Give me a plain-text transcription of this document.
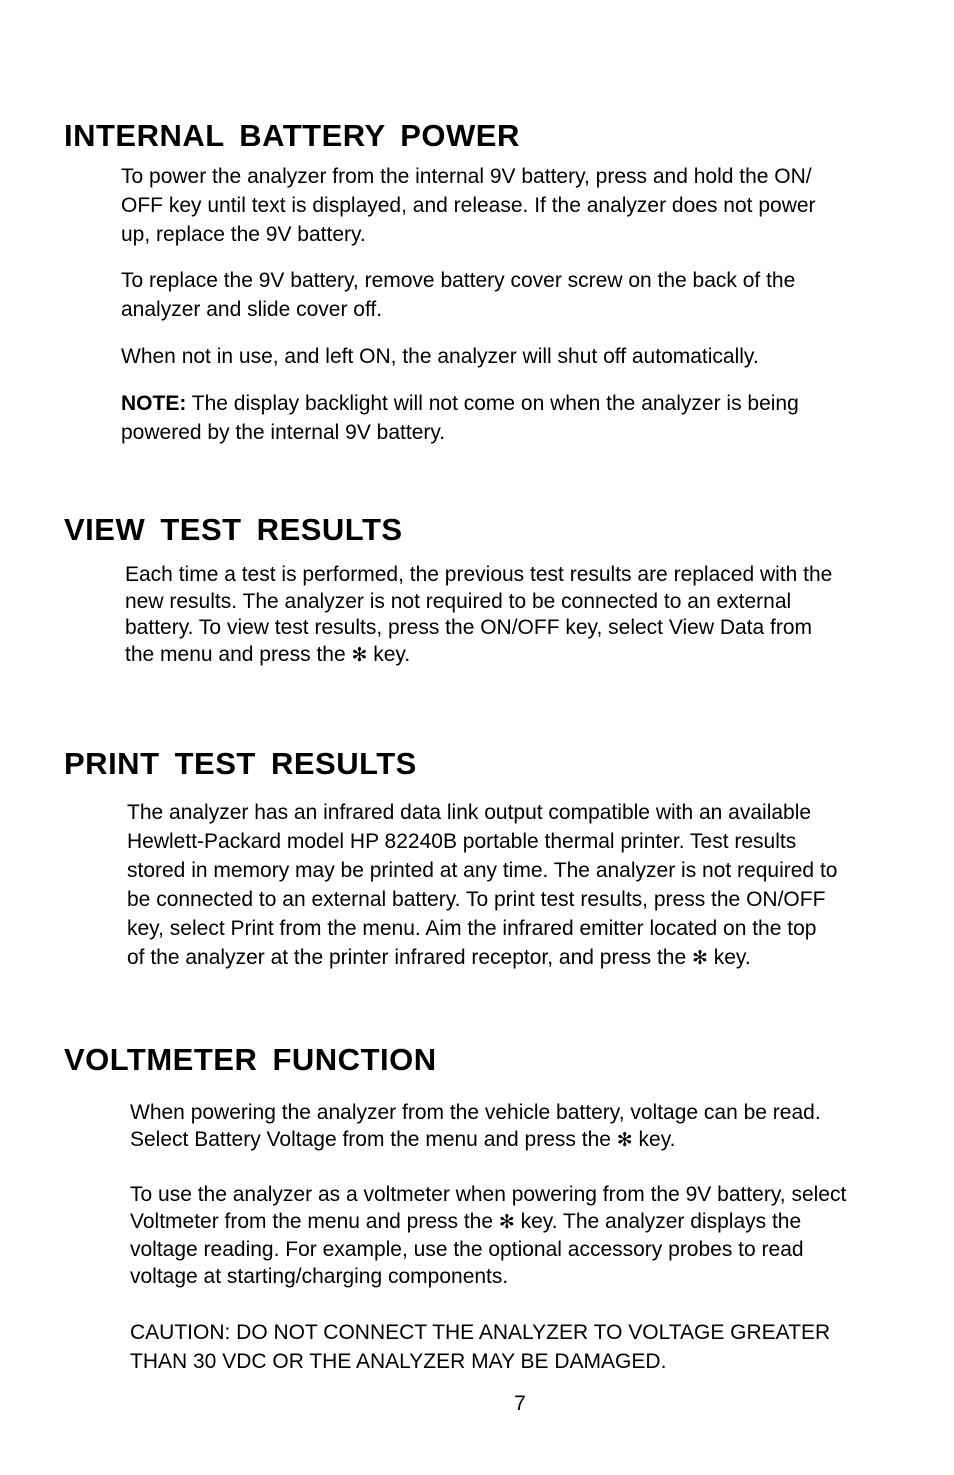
INTERNAL BATTERY POWER
To power the analyzer from the internal 9V battery, press and hold the ON/
OFF key until text is displayed, and release. If the analyzer does not power
up, replace the 9V battery.
To replace the 9V battery, remove battery cover screw on the back of the
analyzer and slide cover off.
When not in use, and left ON, the analyzer will shut off automatically.
NOTE: The display backlight will not come on when the analyzer is being
powered by the internal 9V battery.
VIEW TEST RESULTS
Each time a test is performed, the previous test results are replaced with the
new results. The analyzer is not required to be connected to an external
battery. To view test results, press the ON/OFF key, select View Data from
the menu and press the ✻ key.
PRINT TEST RESULTS
The analyzer has an infrared data link output compatible with an available
Hewlett-Packard model HP 82240B portable thermal printer. Test results
stored in memory may be printed at any time. The analyzer is not required to
be connected to an external battery. To print test results, press the ON/OFF
key, select Print from the menu. Aim the infrared emitter located on the top
of the analyzer at the printer infrared receptor, and press the ✻ key.
VOLTMETER FUNCTION
When powering the analyzer from the vehicle battery, voltage can be read.
Select Battery Voltage from the menu and press the ✻ key.
To use the analyzer as a voltmeter when powering from the 9V battery, select
Voltmeter from the menu and press the ✻ key. The analyzer displays the
voltage reading. For example, use the optional accessory probes to read
voltage at starting/charging components.
CAUTION: DO NOT CONNECT THE ANALYZER TO VOLTAGE GREATER
THAN 30 VDC OR THE ANALYZER MAY BE DAMAGED.
7
